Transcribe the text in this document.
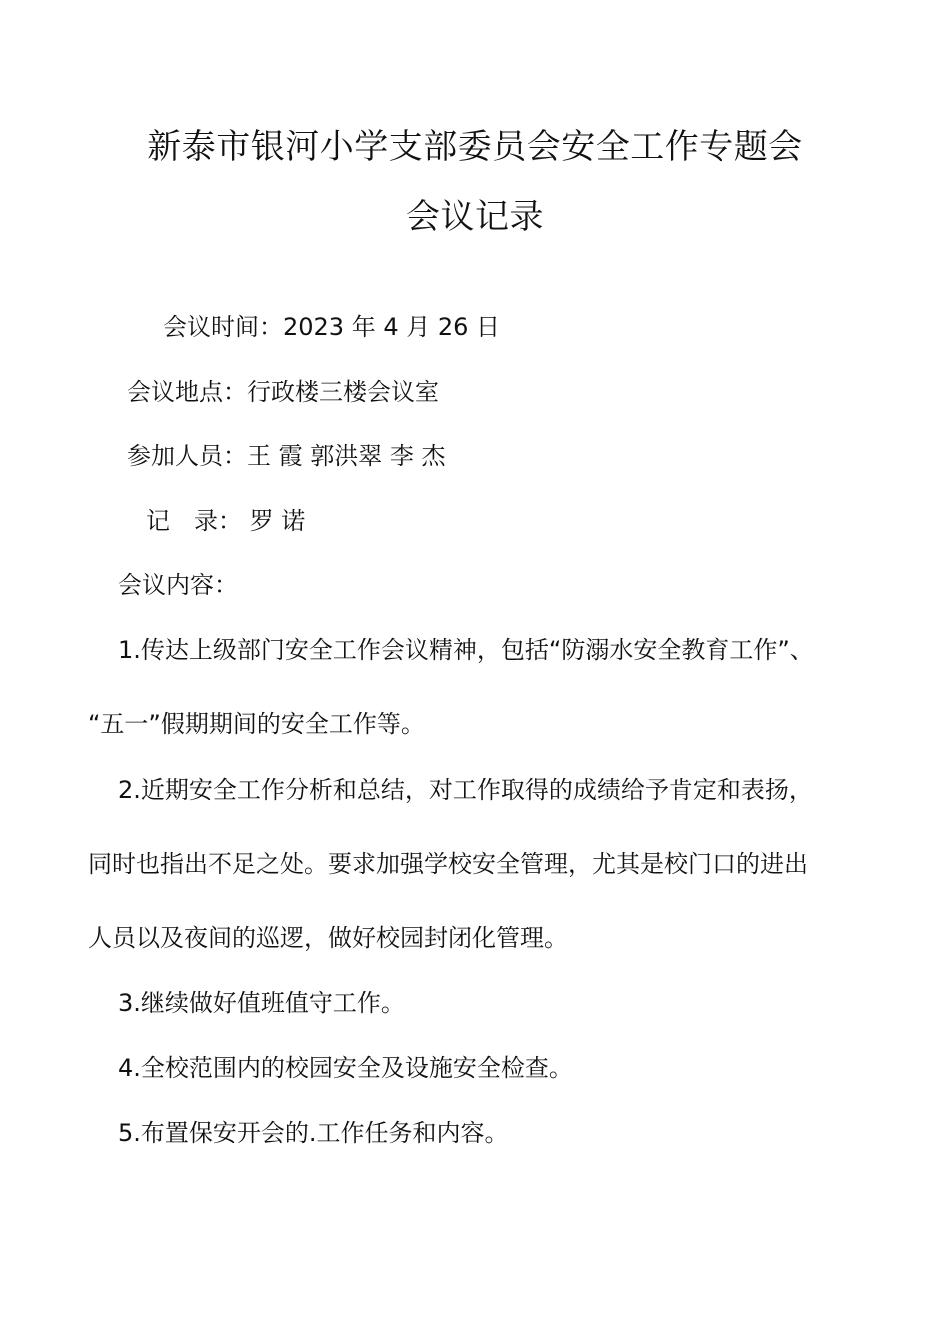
新泰市银河小学支部委员会安全工作专题会
会议记录
会议时间：2023 年 4 月 26 日
会议地点：行政楼三楼会议室
参加人员：王 霞 郭洪翠 李 杰
记　录： 罗 诺
会议内容：
1.传达上级部门安全工作会议精神，包括“防溺水安全教育工作”、
“五一”假期期间的安全工作等。
2.近期安全工作分析和总结，对工作取得的成绩给予肯定和表扬，
同时也指出不足之处。要求加强学校安全管理，尤其是校门口的进出
人员以及夜间的巡逻，做好校园封闭化管理。
3.继续做好值班值守工作。
4.全校范围内的校园安全及设施安全检查。
5.布置保安开会的.工作任务和内容。
